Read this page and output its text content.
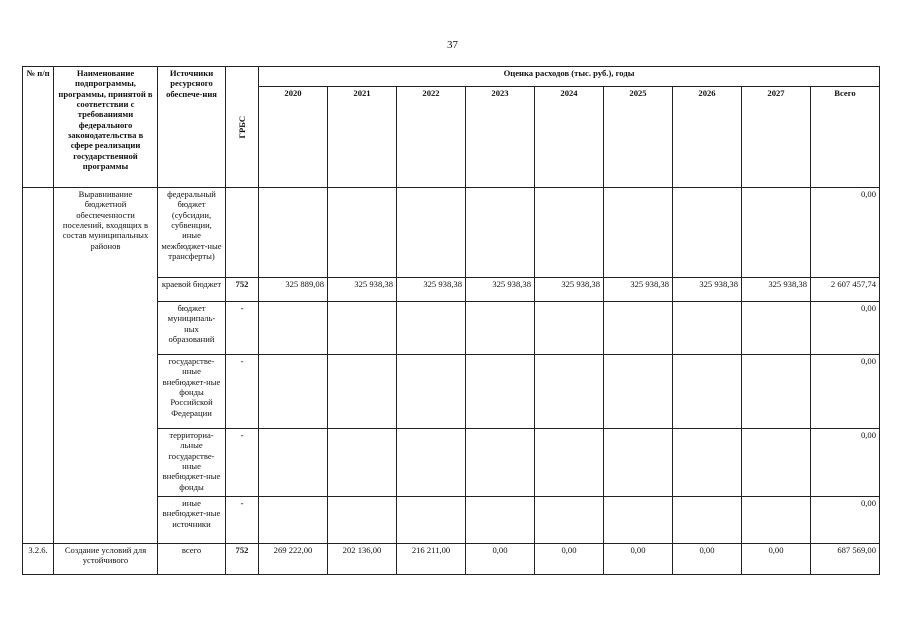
37
№ п/п	Наименование подпрограммы, программы, принятой в соответствии с требованиями федерального законодательства в сфере реализации государственной программы	Источники ресурсного обеспече-ния	ГРБС	Оценка расходов (тыс. руб.), годы								
				2020	2021	2022	2023	2024	2025	2026	2027	Всего
	Выравнивание бюджетной обеспеченности поселений, входящих в состав муниципальных районов	федеральный бюджет (субсидии, субвенции, иные межбюджет-ные трансферты)										0,00
		краевой бюджет	752	325 889,08	325 938,38	325 938,38	325 938,38	325 938,38	325 938,38	325 938,38	325 938,38	2 607 457,74
		бюджет муниципаль-ных образований	-									0,00
		государстве-нные внебюджет-ные фонды Российской Федерации	-									0,00
		территориа-льные государстве-нные внебюджет-ные фонды	-									0,00
		иные внебюджет-ные источники	-									0,00
3.2.6.	Создание условий для устойчивого	всего	752	269 222,00	202 136,00	216 211,00	0,00	0,00	0,00	0,00	0,00	687 569,00
